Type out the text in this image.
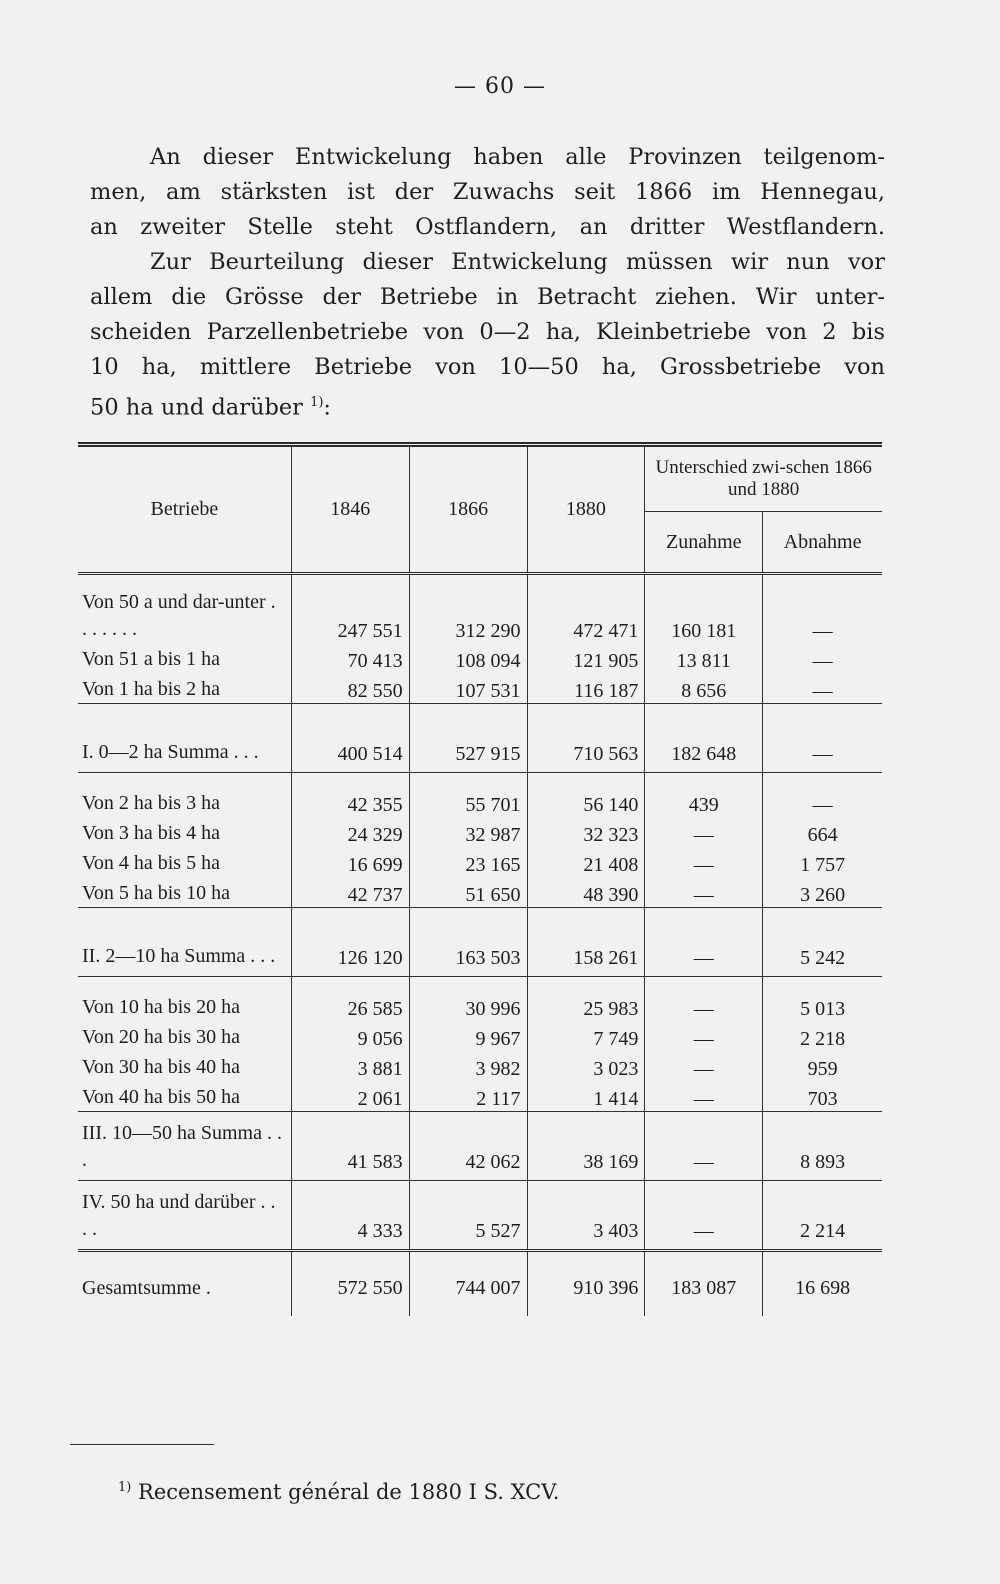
— 60 —
An dieser Entwickelung haben alle Provinzen teilgenom-
men, am stärksten ist der Zuwachs seit 1866 im Hennegau,
an zweiter Stelle steht Ostflandern, an dritter Westflandern.
Zur Beurteilung dieser Entwickelung müssen wir nun vor
allem die Grösse der Betriebe in Betracht ziehen. Wir unter-
scheiden Parzellenbetriebe von 0—2 ha, Kleinbetriebe von 2 bis
10 ha, mittlere Betriebe von 10—50 ha, Grossbetriebe von
50 ha und darüber $^{1)}$:
Betriebe	1846	1866	1880	Unterschied zwi-schen 1866 und 1880	
				Zunahme	Abnahme
Von 50 a und dar-unter . . . . . . .	247 551	312 290	472 471	160 181	—
Von 51 a bis 1 ha	70 413	108 094	121 905	13 811	—
Von 1 ha bis 2 ha	82 550	107 531	116 187	8 656	—
I. 0—2 ha Summa . . .	400 514	527 915	710 563	182 648	—
Von 2 ha bis 3 ha	42 355	55 701	56 140	439	—
Von 3 ha bis 4 ha	24 329	32 987	32 323	—	664
Von 4 ha bis 5 ha	16 699	23 165	21 408	—	1 757
Von 5 ha bis 10 ha	42 737	51 650	48 390	—	3 260
II. 2—10 ha Summa . . .	126 120	163 503	158 261	—	5 242
Von 10 ha bis 20 ha	26 585	30 996	25 983	—	5 013
Von 20 ha bis 30 ha	9 056	9 967	7 749	—	2 218
Von 30 ha bis 40 ha	3 881	3 982	3 023	—	959
Von 40 ha bis 50 ha	2 061	2 117	1 414	—	703
III. 10—50 ha Summa . . .	41 583	42 062	38 169	—	8 893
IV. 50 ha und darüber . . . .	4 333	5 527	3 403	—	2 214
Gesamtsumme .	572 550	744 007	910 396	183 087	16 698
$^{1)}$ Recensement général de 1880 I S. XCV.
